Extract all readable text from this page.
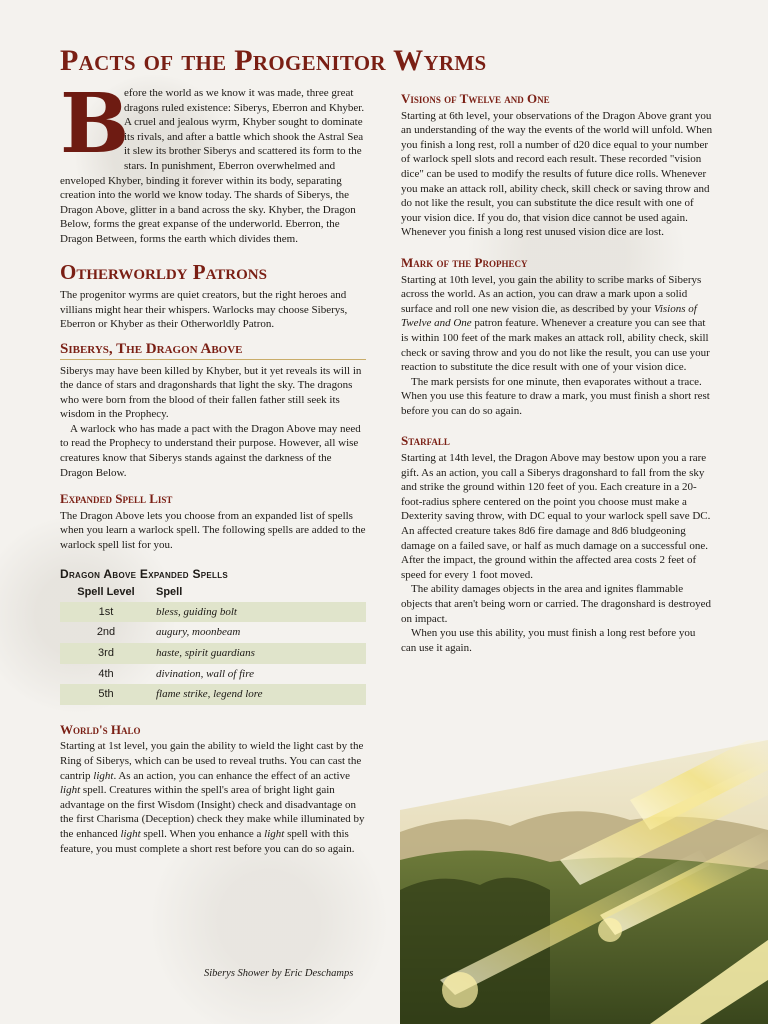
Pacts of the Progenitor Wyrms
B

efore the world as we know it was made, three great dragons ruled existence: Siberys, Eberron and Khyber. A cruel and jealous wyrm, Khyber sought to dominate its rivals, and after a battle which shook the Astral Sea it slew its brother Siberys and scattered its form to the stars. In punishment, Eberron overwhelmed and enveloped Khyber, binding it forever within its body, separating creation into the world we know today. The shards of Siberys, the Dragon Above, glitter in a band across the sky. Khyber, the Dragon Below, forms the great expanse of the underworld. Eberron, the Dragon Between, forms the earth which divides them.

Otherworldy Patrons

The progenitor wyrms are quiet creators, but the right heroes and villians might hear their whispers. Warlocks may choose Siberys, Eberron or Khyber as their Otherworldly Patron.

Siberys, The Dragon Above

Siberys may have been killed by Khyber, but it yet reveals its will in the dance of stars and dragonshards that light the sky. The dragons who were born from the blood of their fallen father still seek its wisdom in the Prophecy.

A warlock who has made a pact with the Dragon Above may need to read the Prophecy to understand their purpose. However, all wise creatures know that Siberys stands against the darkness of the Dragon Below.

Expanded Spell List

The Dragon Above lets you choose from an expanded list of spells when you learn a warlock spell. The following spells are added to the warlock spell list for you.

Dragon Above Expanded Spells
Spell Level	Spell
1st	bless, guiding bolt
2nd	augury, moonbeam
3rd	haste, spirit guardians
4th	divination, wall of fire
5th	flame strike, legend lore
World's Halo

Starting at 1st level, you gain the ability to wield the light cast by the Ring of Siberys, which can be used to reveal truths. You can cast the cantrip light. As an action, you can enhance the effect of an active light spell. Creatures within the spell's area of bright light gain advantage on the first Wisdom (Insight) check and disadvantage on the first Charisma (Deception) check they make while illuminated by the enhanced light spell. When you enhance a light spell with this feature, you must complete a short rest before you can do so again.

Visions of Twelve and One

Starting at 6th level, your observations of the Dragon Above grant you an understanding of the way the events of the world will unfold. When you finish a long rest, roll a number of d20 dice equal to your number of warlock spell slots and record each result. These recorded "vision dice" can be used to modify the results of future dice rolls. Whenever you make an attack roll, ability check, skill check or saving throw and do not like the result, you can substitute the dice result with one of your vision dice. If you do, that vision dice cannot be used again. Whenever you finish a long rest unused vision dice are lost.

Mark of the Prophecy

Starting at 10th level, you gain the ability to scribe marks of Siberys across the world. As an action, you can draw a mark upon a solid surface and roll one new vision die, as described by your Visions of Twelve and One patron feature. Whenever a creature you can see that is within 100 feet of the mark makes an attack roll, ability check, skill check or saving throw and you do not like the result, you can use your reaction to substitute the dice result with one of your vision dice.

The mark persists for one minute, then evaporates without a trace. When you use this feature to draw a mark, you must finish a short rest before you can do so again.

Starfall

Starting at 14th level, the Dragon Above may bestow upon you a rare gift. As an action, you call a Siberys dragonshard to fall from the sky and strike the ground within 120 feet of you. Each creature in a 20-foot-radius sphere centered on the point you choose must make a Dexterity saving throw, with DC equal to your warlock spell save DC. An affected creature takes 8d6 fire damage and 8d6 bludgeoning damage on a failed save, or half as much damage on a successful one. After the impact, the ground within the affected area costs 2 feet of speed for every 1 foot moved.

The ability damages objects in the area and ignites flammable objects that aren't being worn or carried. The dragonshard is destroyed on impact.

When you use this ability, you must finish a long rest before you can use it again.

Siberys Shower by Eric Deschamps
